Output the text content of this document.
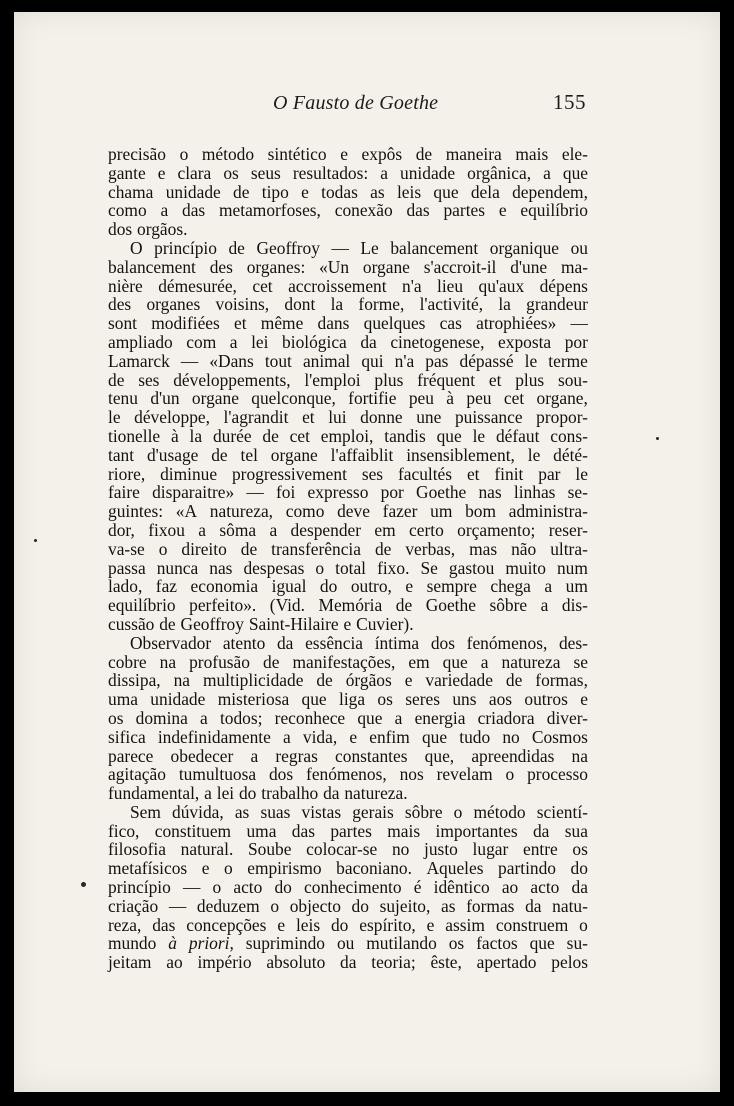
O Fausto de Goethe	155
precisão o método sintético e expôs de maneira mais ele-
gante e clara os seus resultados: a unidade orgânica, a que
chama unidade de tipo e todas as leis que dela dependem,
como a das metamorfoses, conexão das partes e equilíbrio
dos orgãos.
O princípio de Geoffroy — Le balancement organique ou
balancement des organes: «Un organe s'accroit-il d'une ma-
nière démesurée, cet accroissement n'a lieu qu'aux dépens
des organes voisins, dont la forme, l'activité, la grandeur
sont modifiées et même dans quelques cas atrophiées» —
ampliado com a lei biológica da cinetogenese, exposta por
Lamarck — «Dans tout animal qui n'a pas dépassé le terme
de ses développements, l'emploi plus fréquent et plus sou-
tenu d'un organe quelconque, fortifie peu à peu cet organe,
le développe, l'agrandit et lui donne une puissance propor-
tionelle à la durée de cet emploi, tandis que le défaut cons-
tant d'usage de tel organe l'affaiblit insensiblement, le dété-
riore, diminue progressivement ses facultés et finit par le
faire disparaitre» — foi expresso por Goethe nas linhas se-
guintes: «A natureza, como deve fazer um bom administra-
dor, fixou a sôma a despender em certo orçamento; reser-
va-se o direito de transferência de verbas, mas não ultra-
passa nunca nas despesas o total fixo. Se gastou muito num
lado, faz economia igual do outro, e sempre chega a um
equilíbrio perfeito». (Vid. Memória de Goethe sôbre a dis-
cussão de Geoffroy Saint-Hilaire e Cuvier).
Observador atento da essência íntima dos fenómenos, des-
cobre na profusão de manifestações, em que a natureza se
dissipa, na multiplicidade de órgãos e variedade de formas,
uma unidade misteriosa que liga os seres uns aos outros e
os domina a todos; reconhece que a energia criadora diver-
sifica indefinidamente a vida, e enfim que tudo no Cosmos
parece obedecer a regras constantes que, apreendidas na
agitação tumultuosa dos fenómenos, nos revelam o processo
fundamental, a lei do trabalho da natureza.
Sem dúvida, as suas vistas gerais sôbre o método scientí-
fico, constituem uma das partes mais importantes da sua
filosofia natural. Soube colocar-se no justo lugar entre os
metafísicos e o empirismo baconiano. Aqueles partindo do
princípio — o acto do conhecimento é idêntico ao acto da
criação — deduzem o objecto do sujeito, as formas da natu-
reza, das concepções e leis do espírito, e assim construem o
mundo à priori, suprimindo ou mutilando os factos que su-
jeitam ao império absoluto da teoria; êste, apertado pelos
